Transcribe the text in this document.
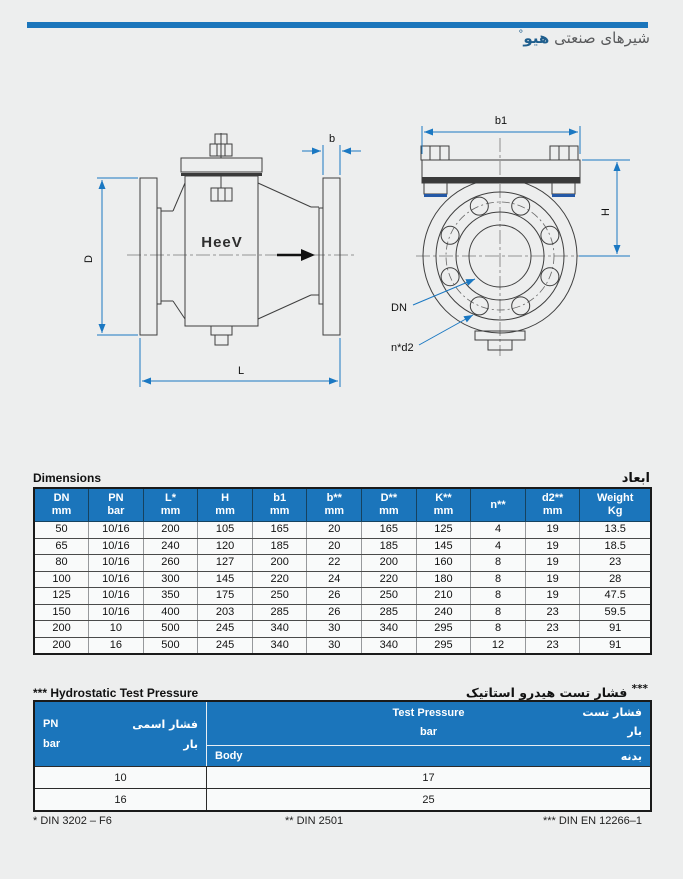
شیرهای صنعتی هیو°
HeeV
D
b
L
b1
H
DN
n*d2
Dimensions	ابعاد
DN
mm

PN
bar

L*
mm

H
mm

b1
mm

b**
mm

D**
mm

K**
mm

n**

d2**
mm

Weight
Kg

50	10/16	200	105	165	20	165	125	4	19	13.5
65	10/16	240	120	185	20	185	145	4	19	18.5
80	10/16	260	127	200	22	200	160	8	19	23
100	10/16	300	145	220	24	220	180	8	19	28
125	10/16	350	175	250	26	250	210	8	19	47.5
150	10/16	400	203	285	26	285	240	8	23	59.5
200	10	500	245	340	30	340	295	8	23	91
200	16	500	245	340	30	340	295	12	23	91
*** Hydrostatic Test Pressure	*** فشار تست هیدرو استاتیک
PN	فشار اسمی
bar	بار
Test Pressure	فشار تست
bar	بار
Body	بدنه
10	17
16	25
* DIN 3202 – F6	** DIN 2501	*** DIN EN 12266–1
